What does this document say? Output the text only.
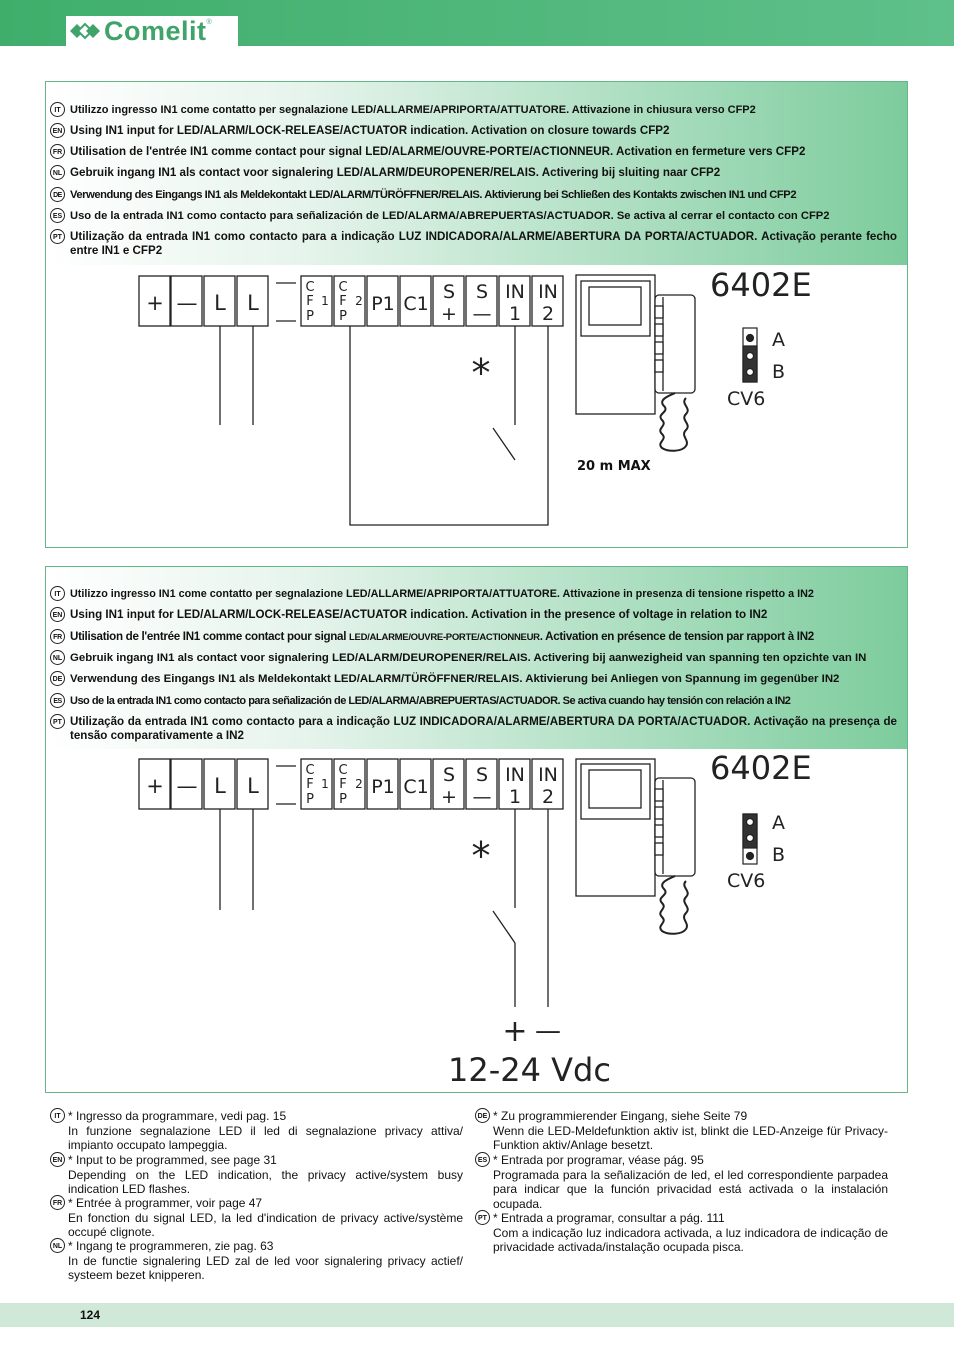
Comelit ®
IT Utilizzo ingresso IN1 come contatto per segnalazione LED/ALLARME/APRIPORTA/ATTUATORE. Attivazione in chiusura verso CFP2
EN Using IN1 input for LED/ALARM/LOCK-RELEASE/ACTUATOR indication. Activation on closure towards CFP2
FR Utilisation de l'entrée IN1 comme contact pour signal LED/ALARME/OUVRE-PORTE/ACTIONNEUR. Activation en fermeture vers CFP2
NL Gebruik ingang IN1 als contact voor signalering LED/ALARM/DEUROPENER/RELAIS. Activering bij sluiting naar CFP2
DE Verwendung des Eingangs IN1 als Meldekontakt LED/ALARM/TÜRÖFFNER/RELAIS. Aktivierung bei Schließen des Kontakts zwischen IN1 und CFP2
ES Uso de la entrada IN1 como contacto para señalización de LED/ALARMA/ABREPUERTAS/ACTUADOR. Se activa al cerrar el contacto con CFP2
PT Utilização da entrada IN1 como contacto para a indicação LUZ INDICADORA/ALARME/ABERTURA DA PORTA/ACTUADOR. Activação perante fecho entre IN1 e CFP2
+ — L L	P1 C1
S
+
S
—
IN
1
IN
2
C
F
P
1
C
F
P
2
*
20 m MAX
6402E
A
B
CV6
IT Utilizzo ingresso IN1 come contatto per segnalazione LED/ALLARME/APRIPORTA/ATTUATORE. Attivazione in presenza di tensione rispetto a IN2
EN Using IN1 input for LED/ALARM/LOCK-RELEASE/ACTUATOR indication. Activation in the presence of voltage in relation to IN2
FR Utilisation de l'entrée IN1 comme contact pour signal LED/ALARME/OUVRE-PORTE/ACTIONNEUR. Activation en présence de tension par rapport à IN2
NL Gebruik ingang IN1 als contact voor signalering LED/ALARM/DEUROPENER/RELAIS. Activering bij aanwezigheid van spanning ten opzichte van IN
DE Verwendung des Eingangs IN1 als Meldekontakt LED/ALARM/TÜRÖFFNER/RELAIS. Aktivierung bei Anliegen von Spannung im gegenüber IN2
ES Uso de la entrada IN1 como contacto para señalización de LED/ALARMA/ABREPUERTAS/ACTUADOR. Se activa cuando hay tensión con relación a IN2
PT Utilização da entrada IN1 como contacto para a indicação LUZ INDICADORA/ALARME/ABERTURA DA PORTA/ACTUADOR. Activação na presença de tensão comparativamente a IN2
+ — L L	P1 C1
S
+
S
—
IN
1
IN
2
C
F
P
1
C
F
P
2
*
+ —
12-24 Vdc
6402E
A
B
CV6
IT * Ingresso da programmare, vedi pag. 15
In funzione segnalazione LED il led di segnalazione privacy attiva/ impianto occupato lampeggia.
EN * Input to be programmed, see page 31
Depending on the LED indication, the privacy active/system busy indication LED flashes.
FR * Entrée à programmer, voir page 47
En fonction du signal LED, la led d'indication de privacy active/système occupé clignote.
NL * Ingang te programmeren, zie pag. 63
In de functie signalering LED zal de led voor signalering privacy actief/ systeem bezet knipperen.
DE * Zu programmierender Eingang, siehe Seite 79
Wenn die LED-Meldefunktion aktiv ist, blinkt die LED-Anzeige für Privacy-Funktion aktiv/Anlage besetzt.
ES * Entrada por programar, véase pág. 95
Programada para la señalización de led, el led correspondiente parpadea para indicar que la función privacidad está activada o la instalación ocupada.
PT * Entrada a programar, consultar a pág. 111
Com a indicação luz indicadora activada, a luz indicadora de indicação de privacidade activada/instalação ocupada pisca.
124
